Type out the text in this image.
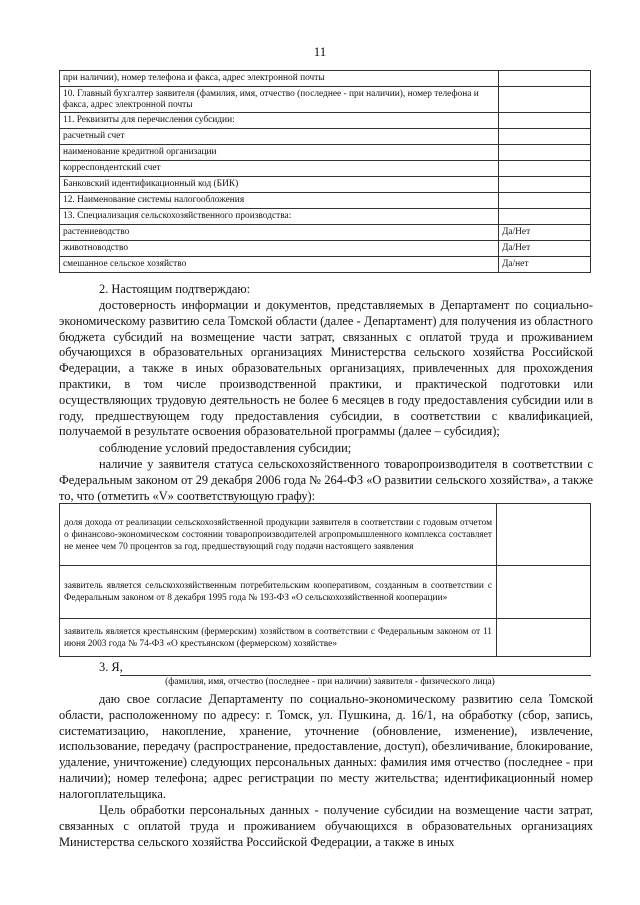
11
при наличии), номер телефона и факса, адрес электронной почты	
10. Главный бухгалтер заявителя (фамилия, имя, отчество (последнее - при наличии), номер телефона и факса, адрес электронной почты	
11. Реквизиты для перечисления субсидии:	
расчетный счет	
наименование кредитной организации	
корреспондентский счет	
Банковский идентификационный код (БИК)	
12. Наименование системы налогообложения	
13. Специализация сельскохозяйственного производства:	
растениеводство	Да/Нет
животноводство	Да/Нет
смешанное сельское хозяйство	Да/нет
2. Настоящим подтверждаю:
достоверность информации и документов, представляемых в Департамент по социально-экономическому развитию села Томской области (далее - Департамент) для получения из областного бюджета субсидий на возмещение части затрат, связанных с оплатой труда и проживанием обучающихся в образовательных организациях Министерства сельского хозяйства Российской Федерации, а также в иных образовательных организациях, привлеченных для прохождения практики, в том числе производственной практики, и практической подготовки или осуществляющих трудовую деятельность не более 6 месяцев в году предоставления субсидии или в году, предшествующем году предоставления субсидии, в соответствии с квалификацией, получаемой в результате освоения образовательной программы (далее – субсидия);
соблюдение условий предоставления субсидии;
наличие у заявителя статуса сельскохозяйственного товаропроизводителя в соответствии с Федеральным законом от 29 декабря 2006 года № 264-ФЗ «О развитии сельского хозяйства», а также то, что (отметить «V» соответствующую графу):
доля дохода от реализации сельскохозяйственной продукции заявителя в соответствии с годовым отчетом о финансово-экономическом состоянии товаропроизводителей агропромышленного комплекса составляет не менее чем 70 процентов за год, предшествующий году подачи настоящего заявления	
заявитель является сельскохозяйственным потребительским кооперативом, созданным в соответствии с Федеральным законом от 8 декабря 1995 года № 193-ФЗ «О сельскохозяйственной кооперации»	
заявитель является крестьянским (фермерским) хозяйством в соответствии с Федеральным законом от 11 июня 2003 года № 74-ФЗ «О крестьянском (фермерском) хозяйстве»	
3. Я,
(фамилия, имя, отчество (последнее - при наличии) заявителя - физического лица)
даю свое согласие Департаменту по социально-экономическому развитию села Томской области, расположенному по адресу: г. Томск, ул. Пушкина, д. 16/1, на обработку (сбор, запись, систематизацию, накопление, хранение, уточнение (обновление, изменение), извлечение, использование, передачу (распространение, предоставление, доступ), обезличивание, блокирование, удаление, уничтожение) следующих персональных данных: фамилия имя отчество (последнее - при наличии); номер телефона; адрес регистрации по месту жительства; идентификационный номер налогоплательщика.
Цель обработки персональных данных - получение субсидии на возмещение части затрат, связанных с оплатой труда и проживанием обучающихся в образовательных организациях Министерства сельского хозяйства Российской Федерации, а также в иных
